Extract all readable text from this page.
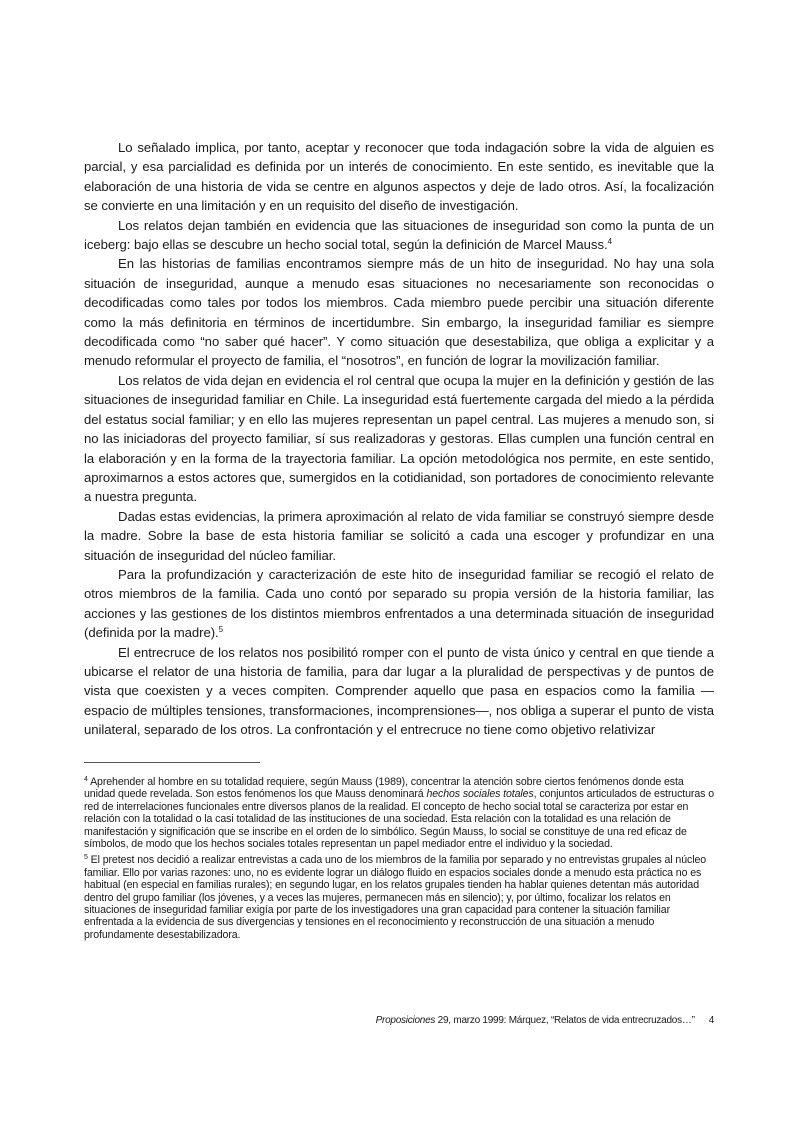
Lo señalado implica, por tanto, aceptar y reconocer que toda indagación sobre la vida de alguien es parcial, y esa parcialidad es definida por un interés de conocimiento. En este sentido, es inevitable que la elaboración de una historia de vida se centre en algunos aspectos y deje de lado otros. Así, la focalización se convierte en una limitación y en un requisito del diseño de investigación.

Los relatos dejan también en evidencia que las situaciones de inseguridad son como la punta de un iceberg: bajo ellas se descubre un hecho social total, según la definición de Marcel Mauss.$^4$

En las historias de familias encontramos siempre más de un hito de inseguridad. No hay una sola situación de inseguridad, aunque a menudo esas situaciones no necesariamente son reconocidas o decodificadas como tales por todos los miembros. Cada miembro puede percibir una situación diferente como la más definitoria en términos de incertidumbre. Sin embargo, la inseguridad familiar es siempre decodificada como “no saber qué hacer”. Y como situación que desestabiliza, que obliga a explicitar y a menudo reformular el proyecto de familia, el “nosotros”, en función de lograr la movilización familiar.

Los relatos de vida dejan en evidencia el rol central que ocupa la mujer en la definición y gestión de las situaciones de inseguridad familiar en Chile. La inseguridad está fuertemente cargada del miedo a la pérdida del estatus social familiar; y en ello las mujeres representan un papel central. Las mujeres a menudo son, si no las iniciadoras del proyecto familiar, sí sus realizadoras y gestoras. Ellas cumplen una función central en la elaboración y en la forma de la trayectoria familiar. La opción metodológica nos permite, en este sentido, aproximarnos a estos actores que, sumergidos en la cotidianidad, son portadores de conocimiento relevante a nuestra pregunta.

Dadas estas evidencias, la primera aproximación al relato de vida familiar se construyó siempre desde la madre. Sobre la base de esta historia familiar se solicitó a cada una escoger y profundizar en una situación de inseguridad del núcleo familiar.

Para la profundización y caracterización de este hito de inseguridad familiar se recogió el relato de otros miembros de la familia. Cada uno contó por separado su propia versión de la historia familiar, las acciones y las gestiones de los distintos miembros enfrentados a una determinada situación de inseguridad (definida por la madre).$^5$

El entrecruce de los relatos nos posibilitó romper con el punto de vista único y central en que tiende a ubicarse el relator de una historia de familia, para dar lugar a la pluralidad de perspectivas y de puntos de vista que coexisten y a veces compiten. Comprender aquello que pasa en espacios como la familia —espacio de múltiples tensiones, transformaciones, incomprensiones—, nos obliga a superar el punto de vista unilateral, separado de los otros. La confrontación y el entrecruce no tiene como objetivo relativizar

$^4$ Aprehender al hombre en su totalidad requiere, según Mauss (1989), concentrar la atención sobre ciertos fenómenos donde esta unidad quede revelada. Son estos fenómenos los que Mauss denominará hechos sociales totales, conjuntos articulados de estructuras o red de interrelaciones funcionales entre diversos planos de la realidad. El concepto de hecho social total se caracteriza por estar en relación con la totalidad o la casi totalidad de las instituciones de una sociedad. Esta relación con la totalidad es una relación de manifestación y significación que se inscribe en el orden de lo simbólico. Según Mauss, lo social se constituye de una red eficaz de símbolos, de modo que los hechos sociales totales representan un papel mediador entre el individuo y la sociedad.

$^5$ El pretest nos decidió a realizar entrevistas a cada uno de los miembros de la familia por separado y no entrevistas grupales al núcleo familiar. Ello por varias razones: uno, no es evidente lograr un diálogo fluido en espacios sociales donde a menudo esta práctica no es habitual (en especial en familias rurales); en segundo lugar, en los relatos grupales tienden ha hablar quienes detentan más autoridad dentro del grupo familiar (los jóvenes, y a veces las mujeres, permanecen más en silencio); y, por último, focalizar los relatos en situaciones de inseguridad familiar exigía por parte de los investigadores una gran capacidad para contener la situación familiar enfrentada a la evidencia de sus divergencias y tensiones en el reconocimiento y reconstrucción de una situación a menudo profundamente desestabilizadora.

Proposiciones 29, marzo 1999: Márquez, “Relatos de vida entrecruzados…” 4
